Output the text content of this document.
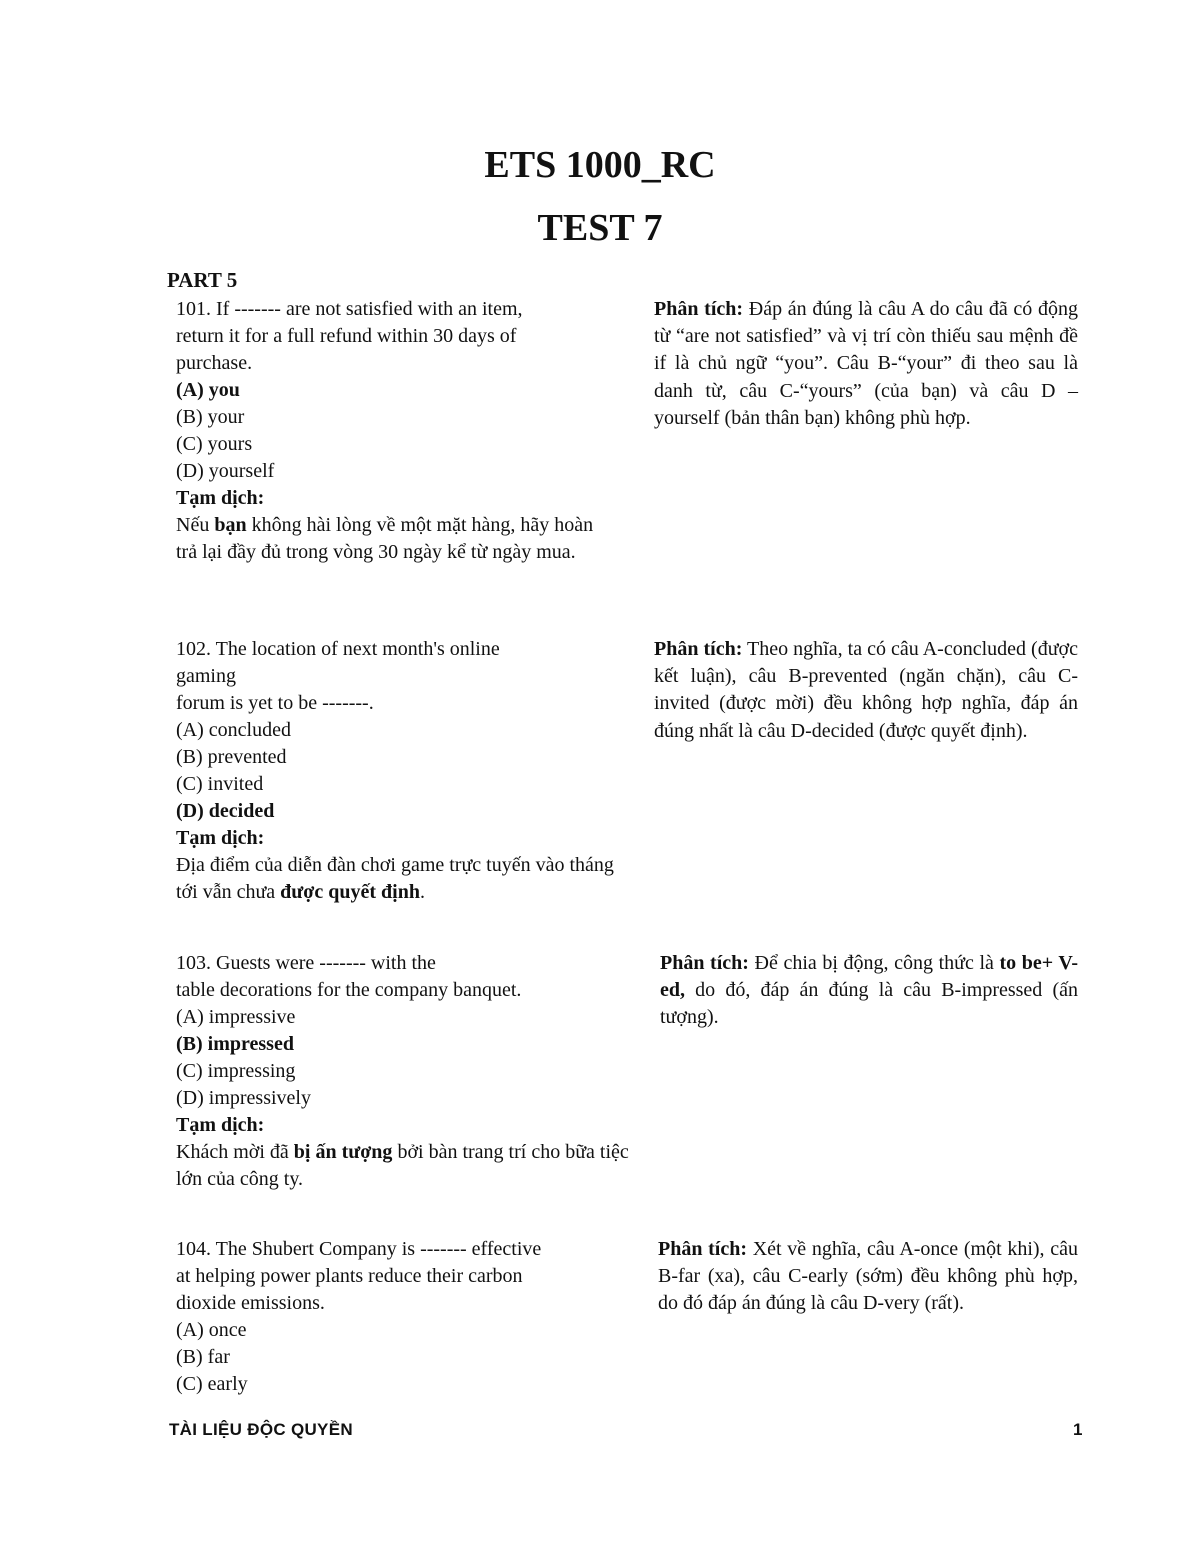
ETS 1000_RC
TEST 7
PART 5
101. If ------- are not satisfied with an item,
return it for a full refund within 30 days of
purchase.
(A) you
(B) your
(C) yours
(D) yourself
Tạm dịch:

Nếu bạn không hài lòng về một mặt hàng, hãy hoàn trả lại đầy đủ trong vòng 30 ngày kể từ ngày mua.

Phân tích: Đáp án đúng là câu A do câu đã có động từ “are not satisfied” và vị trí còn thiếu sau mệnh đề if là chủ ngữ “you”. Câu B-“your” đi theo sau là danh từ, câu C-“yours” (của bạn) và câu D – yourself (bản thân bạn) không phù hợp.
102. The location of next month's online
gaming
forum is yet to be -------.
(A) concluded
(B) prevented
(C) invited
(D) decided
Tạm dịch:

Địa điểm của diễn đàn chơi game trực tuyến vào tháng tới vẫn chưa được quyết định.

Phân tích: Theo nghĩa, ta có câu A-concluded (được kết luận), câu B-prevented (ngăn chặn), câu C-invited (được mời) đều không hợp nghĩa, đáp án đúng nhất là câu D-decided (được quyết định).
103. Guests were ------- with the
table decorations for the company banquet.
(A) impressive
(B) impressed
(C) impressing
(D) impressively
Tạm dịch:

Khách mời đã bị ấn tượng bởi bàn trang trí cho bữa tiệc lớn của công ty.

Phân tích: Để chia bị động, công thức là to be+ V-ed, do đó, đáp án đúng là câu B-impressed (ấn tượng).
104. The Shubert Company is ------- effective
at helping power plants reduce their carbon
dioxide emissions.
(A) once
(B) far
(C) early
Phân tích: Xét về nghĩa, câu A-once (một khi), câu B-far (xa), câu C-early (sớm) đều không phù hợp, do đó đáp án đúng là câu D-very (rất).
TÀI LIỆU ĐỘC QUYỀN	1
